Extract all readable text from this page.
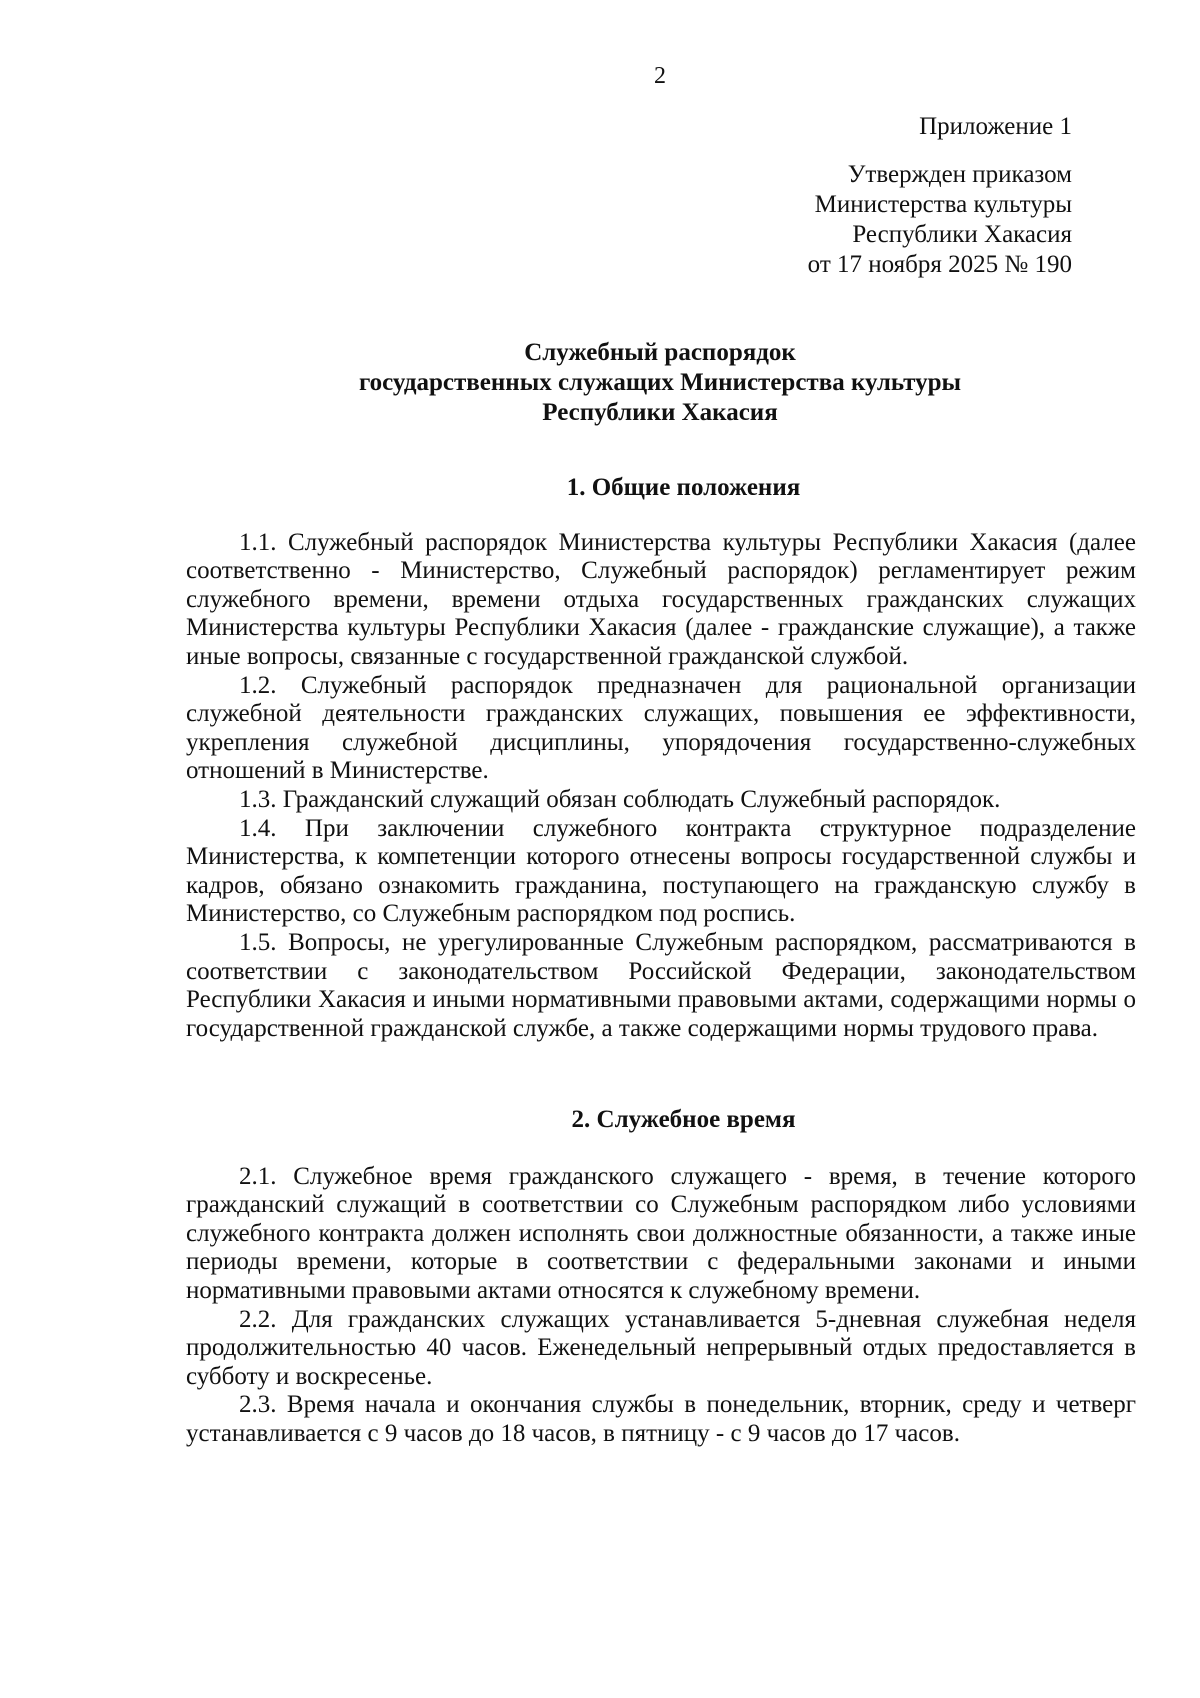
2
Приложение 1
Утвержден приказом
Министерства культуры
Республики Хакасия
от 17 ноября 2025 № 190
Служебный распорядок
государственных служащих Министерства культуры
Республики Хакасия
1. Общие положения

1.1. Служебный распорядок Министерства культуры Республики Хакасия (далее соответственно - Министерство, Служебный распорядок) регламентирует режим служебного времени, времени отдыха государственных гражданских служащих Министерства культуры Республики Хакасия (далее - гражданские служащие), а также иные вопросы, связанные с государственной гражданской службой.

1.2. Служебный распорядок предназначен для рациональной организации служебной деятельности гражданских служащих, повышения ее эффективности, укрепления служебной дисциплины, упорядочения государственно-служебных отношений в Министерстве.

1.3. Гражданский служащий обязан соблюдать Служебный распорядок.

1.4. При заключении служебного контракта структурное подразделение Министерства, к компетенции которого отнесены вопросы государственной службы и кадров, обязано ознакомить гражданина, поступающего на гражданскую службу в Министерство, со Служебным распорядком под роспись.

1.5. Вопросы, не урегулированные Служебным распорядком, рассматриваются в соответствии с законодательством Российской Федерации, законодательством Республики Хакасия и иными нормативными правовыми актами, содержащими нормы о государственной гражданской службе, а также содержащими нормы трудового права.

2. Служебное время

2.1. Служебное время гражданского служащего - время, в течение которого гражданский служащий в соответствии со Служебным распорядком либо условиями служебного контракта должен исполнять свои должностные обязанности, а также иные периоды времени, которые в соответствии с федеральными законами и иными нормативными правовыми актами относятся к служебному времени.

2.2. Для гражданских служащих устанавливается 5-дневная служебная неделя продолжительностью 40 часов. Еженедельный непрерывный отдых предоставляется в субботу и воскресенье.

2.3. Время начала и окончания службы в понедельник, вторник, среду и четверг устанавливается с 9 часов до 18 часов, в пятницу - с 9 часов до 17 часов.
